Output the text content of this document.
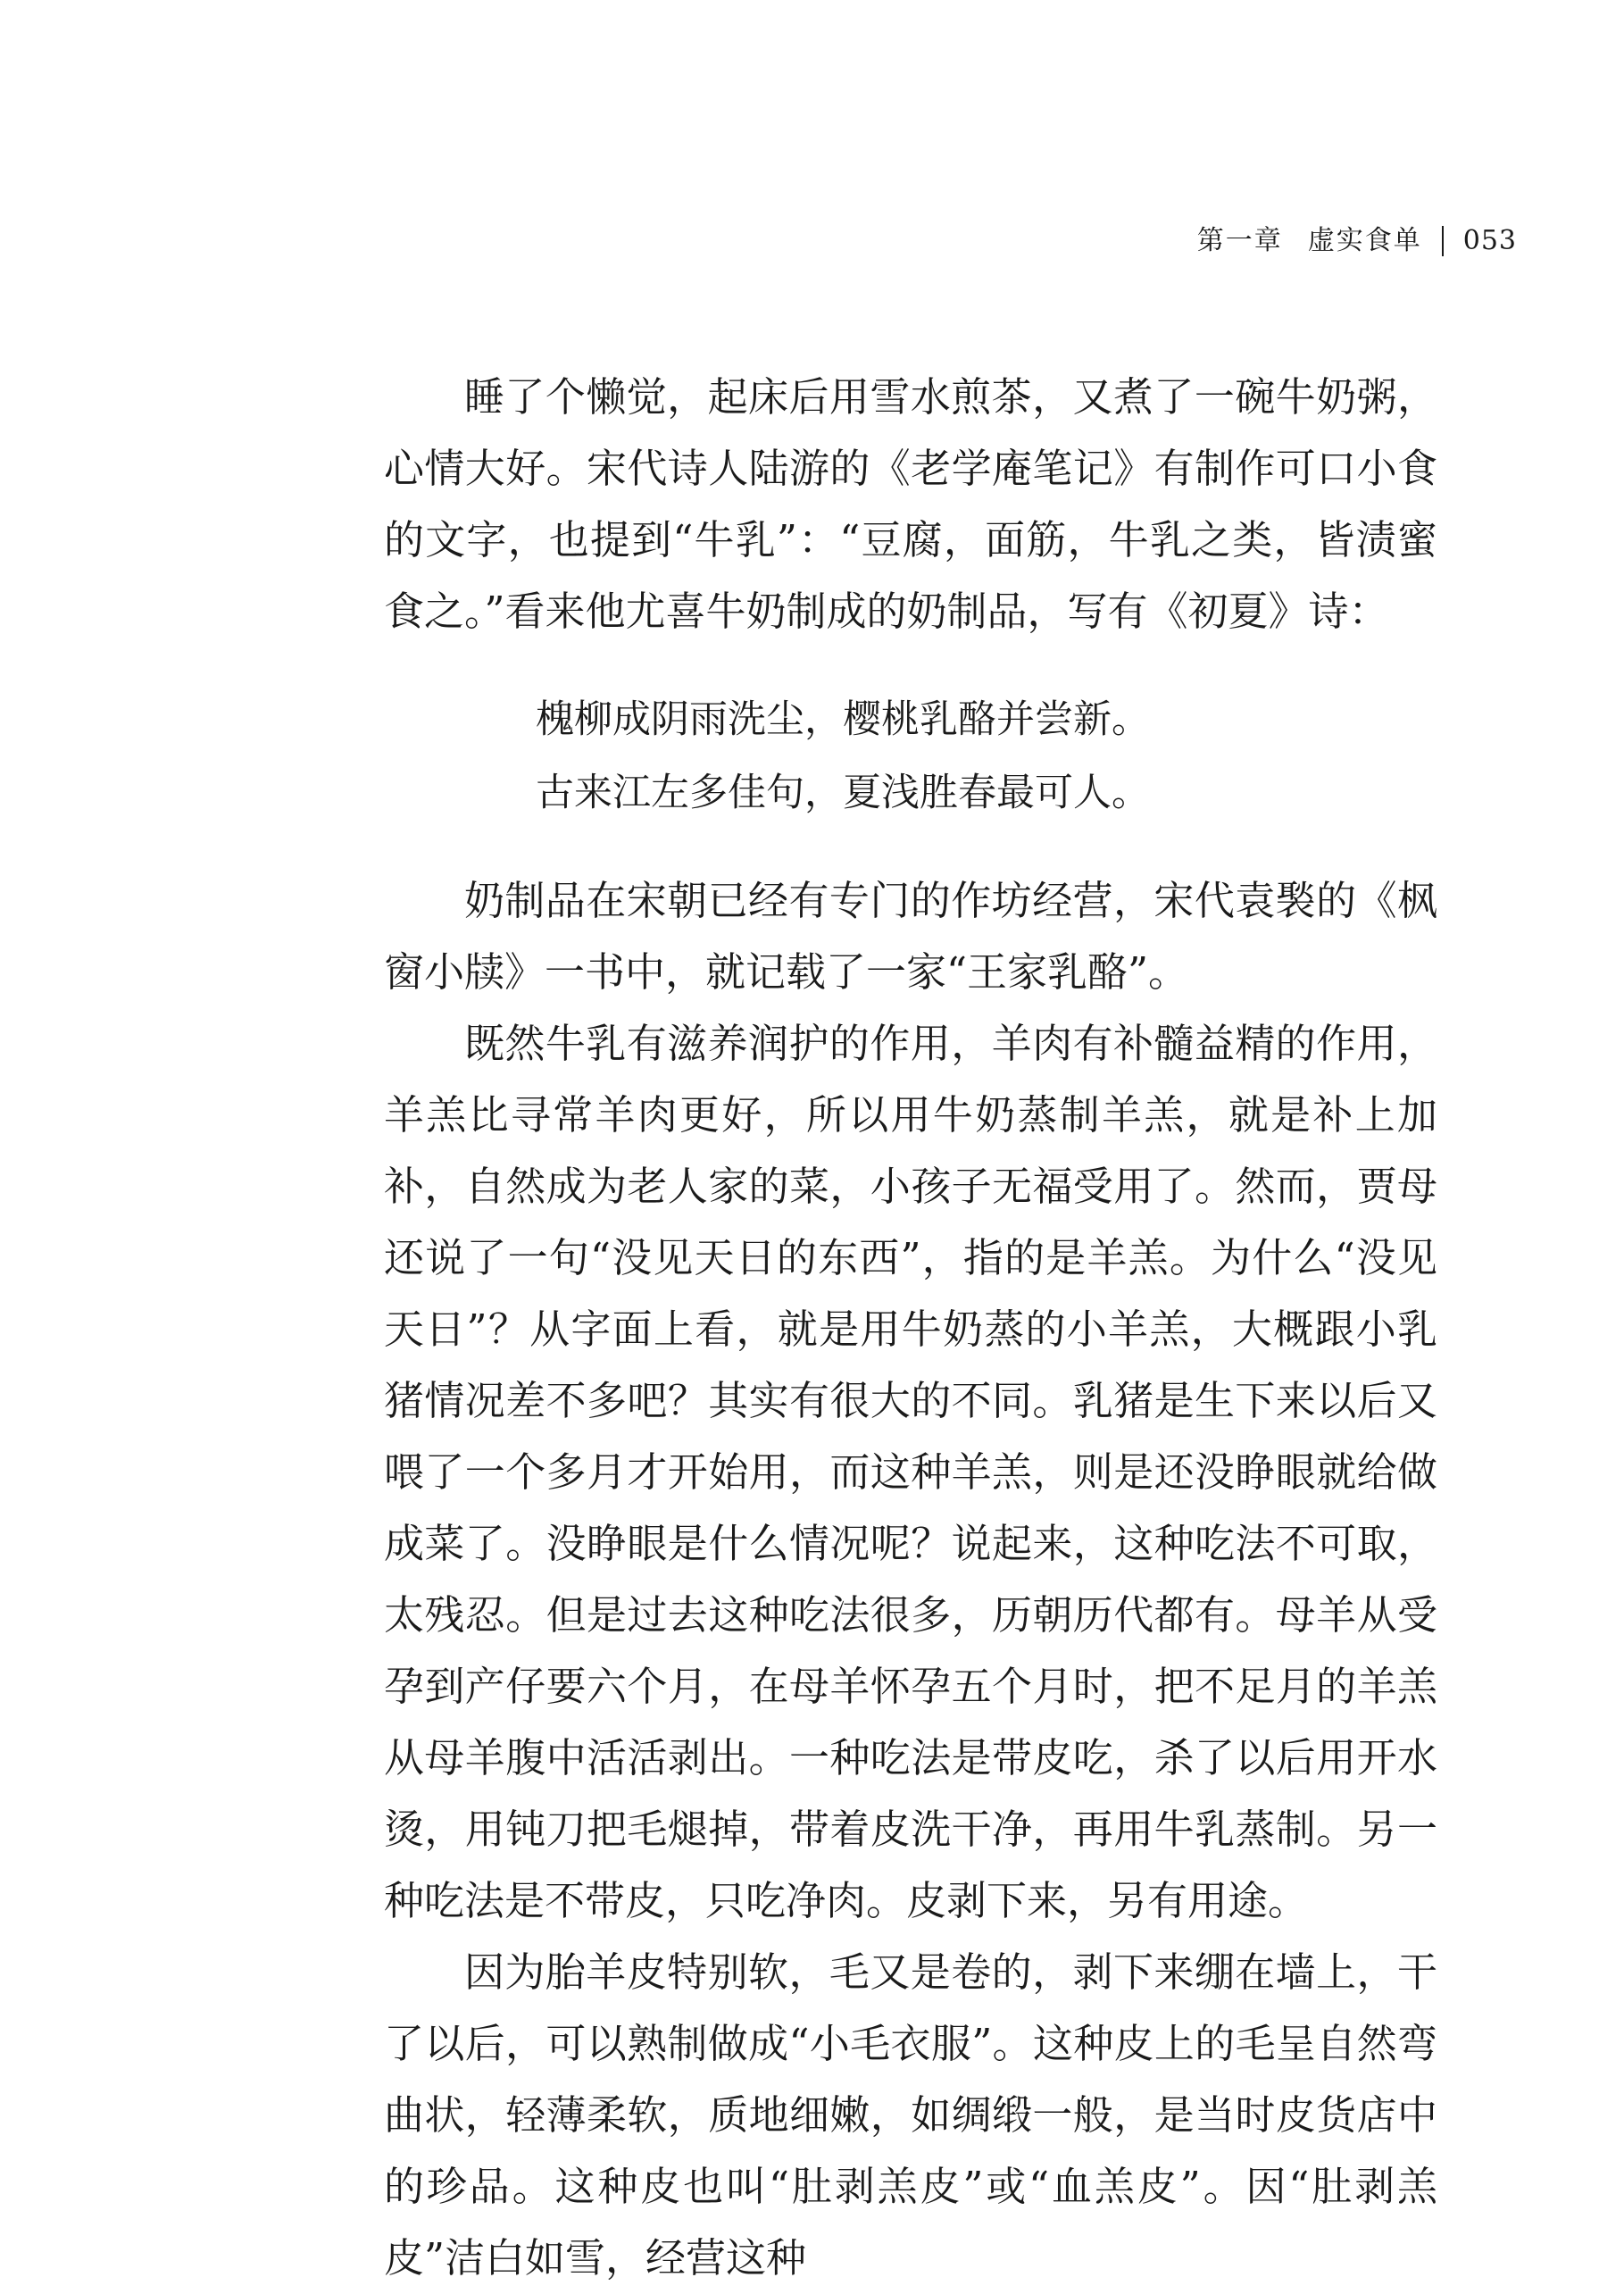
第一章 虚实食单 053

睡了个懒觉，起床后用雪水煎茶，又煮了一碗牛奶粥，心情大好。宋代诗人陆游的《老学庵笔记》有制作可口小食的文字，也提到“牛乳”：“豆腐，面筋，牛乳之类，皆渍蜜食之。”看来他尤喜牛奶制成的奶制品，写有《初夏》诗：

槐柳成阴雨洗尘，樱桃乳酪并尝新。
古来江左多佳句，夏浅胜春最可人。

奶制品在宋朝已经有专门的作坊经营，宋代袁褧的《枫窗小牍》一书中，就记载了一家“王家乳酪”。

既然牛乳有滋养润护的作用，羊肉有补髓益精的作用，羊羔比寻常羊肉更好，所以用牛奶蒸制羊羔，就是补上加补，自然成为老人家的菜，小孩子无福受用了。然而，贾母还说了一句“没见天日的东西”，指的是羊羔。为什么“没见天日”？从字面上看，就是用牛奶蒸的小羊羔，大概跟小乳猪情况差不多吧？其实有很大的不同。乳猪是生下来以后又喂了一个多月才开始用，而这种羊羔，则是还没睁眼就给做成菜了。没睁眼是什么情况呢？说起来，这种吃法不可取，太残忍。但是过去这种吃法很多，历朝历代都有。母羊从受孕到产仔要六个月，在母羊怀孕五个月时，把不足月的羊羔从母羊腹中活活剥出。一种吃法是带皮吃，杀了以后用开水烫，用钝刀把毛煺掉，带着皮洗干净，再用牛乳蒸制。另一种吃法是不带皮，只吃净肉。皮剥下来，另有用途。

因为胎羊皮特别软，毛又是卷的，剥下来绷在墙上，干了以后，可以熟制做成“小毛衣服”。这种皮上的毛呈自然弯曲状，轻薄柔软，质地细嫩，如绸缎一般，是当时皮货店中的珍品。这种皮也叫“肚剥羔皮”或“血羔皮”。因“肚剥羔皮”洁白如雪，经营这种
